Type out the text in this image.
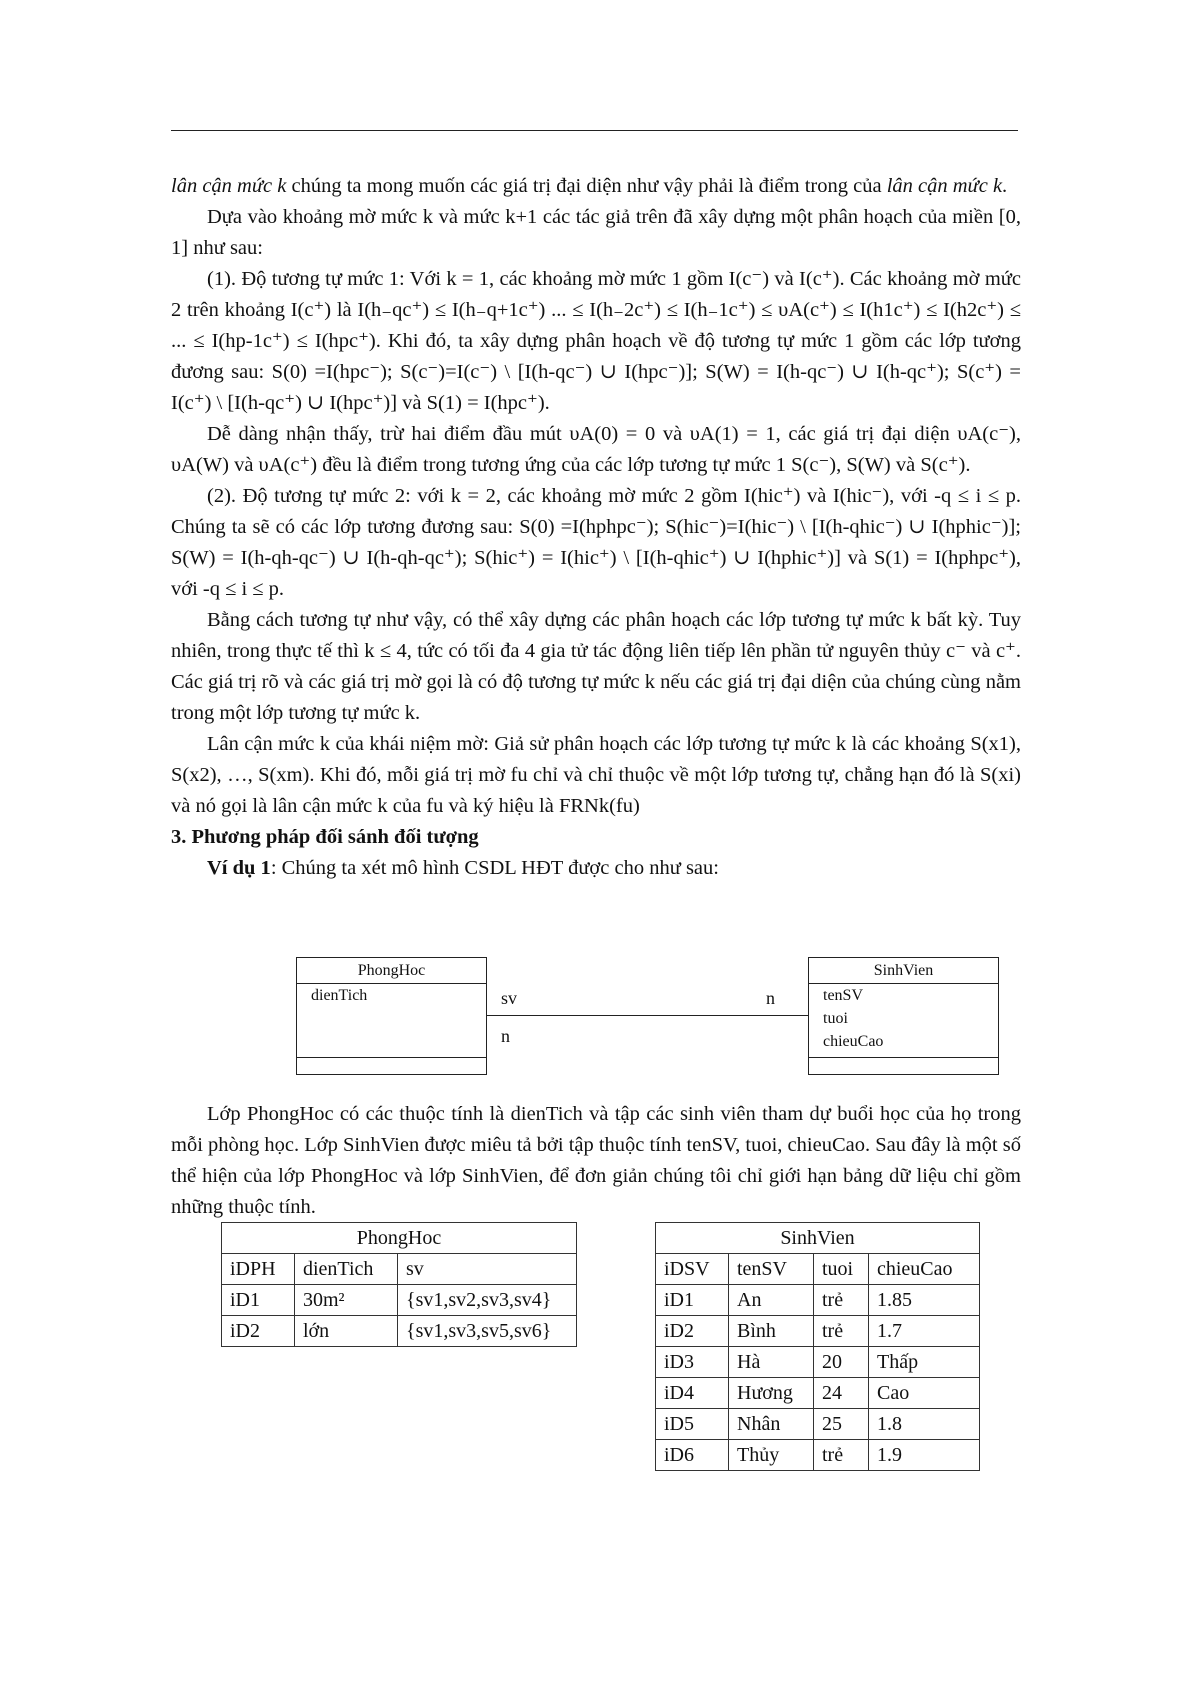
lân cận mức k chúng ta mong muốn các giá trị đại diện như vậy phải là điểm trong của lân cận mức k.

Dựa vào khoảng mờ mức k và mức k+1 các tác giả trên đã xây dựng một phân hoạch của miền [0, 1] như sau:

(1). Độ tương tự mức 1: Với k = 1, các khoảng mờ mức 1 gồm I(c⁻) và I(c⁺). Các khoảng mờ mức 2 trên khoảng I(c⁺) là I(h₋qc⁺) ≤ I(h₋q+1c⁺) ... ≤ I(h₋2c⁺) ≤ I(h₋1c⁺) ≤ υA(c⁺) ≤ I(h1c⁺) ≤ I(h2c⁺) ≤ ... ≤ I(hp-1c⁺) ≤ I(hpc⁺). Khi đó, ta xây dựng phân hoạch về độ tương tự mức 1 gồm các lớp tương đương sau: S(0) =I(hpc⁻); S(c⁻)=I(c⁻) \ [I(h-qc⁻) ∪ I(hpc⁻)]; S(W) = I(h-qc⁻) ∪ I(h-qc⁺); S(c⁺) = I(c⁺) \ [I(h-qc⁺) ∪ I(hpc⁺)] và S(1) = I(hpc⁺).

Dễ dàng nhận thấy, trừ hai điểm đầu mút υA(0) = 0 và υA(1) = 1, các giá trị đại diện υA(c⁻), υA(W) và υA(c⁺) đều là điểm trong tương ứng của các lớp tương tự mức 1 S(c⁻), S(W) và S(c⁺).

(2). Độ tương tự mức 2: với k = 2, các khoảng mờ mức 2 gồm I(hic⁺) và I(hic⁻), với -q ≤ i ≤ p. Chúng ta sẽ có các lớp tương đương sau: S(0) =I(hphpc⁻); S(hic⁻)=I(hic⁻) \ [I(h-qhic⁻) ∪ I(hphic⁻)]; S(W) = I(h-qh-qc⁻) ∪ I(h-qh-qc⁺); S(hic⁺) = I(hic⁺) \ [I(h-qhic⁺) ∪ I(hphic⁺)] và S(1) = I(hphpc⁺), với -q ≤ i ≤ p.

Bằng cách tương tự như vậy, có thể xây dựng các phân hoạch các lớp tương tự mức k bất kỳ. Tuy nhiên, trong thực tế thì k ≤ 4, tức có tối đa 4 gia tử tác động liên tiếp lên phần tử nguyên thủy c⁻ và c⁺. Các giá trị rõ và các giá trị mờ gọi là có độ tương tự mức k nếu các giá trị đại diện của chúng cùng nằm trong một lớp tương tự mức k.

Lân cận mức k của khái niệm mờ: Giả sử phân hoạch các lớp tương tự mức k là các khoảng S(x1), S(x2), …, S(xm). Khi đó, mỗi giá trị mờ fu chỉ và chỉ thuộc về một lớp tương tự, chẳng hạn đó là S(xi) và nó gọi là lân cận mức k của fu và ký hiệu là FRNk(fu)

3. Phương pháp đối sánh đối tượng

Ví dụ 1: Chúng ta xét mô hình CSDL HĐT được cho như sau:

PhongHoc
dienTich
SinhVien
tenSV
tuoi
chieuCao
sv
n
n

Lớp PhongHoc có các thuộc tính là dienTich và tập các sinh viên tham dự buổi học của họ trong mỗi phòng học. Lớp SinhVien được miêu tả bởi tập thuộc tính tenSV, tuoi, chieuCao. Sau đây là một số thể hiện của lớp PhongHoc và lớp SinhVien, để đơn giản chúng tôi chỉ giới hạn bảng dữ liệu chỉ gồm những thuộc tính.

PhongHoc		
iDPH	dienTich	sv
iD1	30m²	{sv1,sv2,sv3,sv4}
iD2	lớn	{sv1,sv3,sv5,sv6}
SinhVien			
iDSV	tenSV	tuoi	chieuCao
iD1	An	trẻ	1.85
iD2	Bình	trẻ	1.7
iD3	Hà	20	Thấp
iD4	Hương	24	Cao
iD5	Nhân	25	1.8
iD6	Thủy	trẻ	1.9
